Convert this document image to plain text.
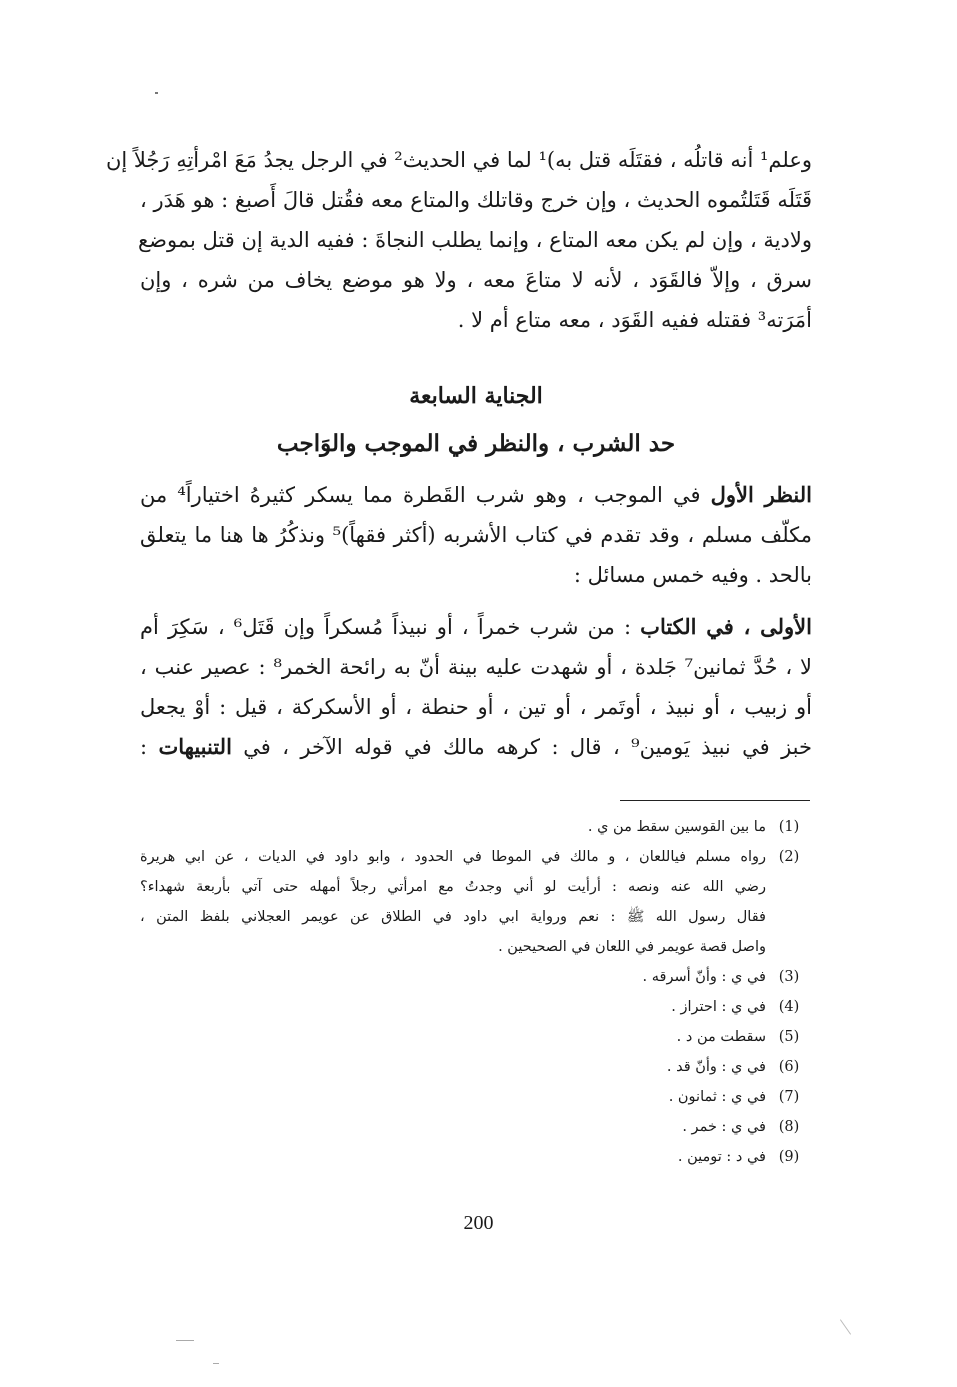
وعلم¹ أنه قاتلُه ، فقتَلَه قتل به)¹ لما في الحديث² في الرجل يجدُ مَعَ امْرأتِهِ رَجُلاً إن
قَتَلَه قَتَلتُموه الحديث ، وإن خرج وقاتلك والمتاع معه فقُتل قالَ أَصبغ : هو هَدَر ،
ولادية ، وإن لم يكن معه المتاع ، وإنما يطلب النجاةَ : ففيه الدية إن قتل بموضع
سرق ، وإلاّ فالقَوَد ، لأنه لا متاعَ معه ، ولا هو موضع يخاف من شره ، وإن
أمَرَته³ فقتله ففيه القَوَد ، معه متاع أم لا .
الجناية السابعة
حد الشرب ، والنظر في الموجب والوَاجب
النظر الأول في الموجب ، وهو شرب القَطرة مما يسكر كثيرهُ اختياراً⁴ من
مكلّف مسلم ، وقد تقدم في كتاب الأشربه (أكثر فقهاً)⁵ ونذكُرُ ها هنا ما يتعلق
بالحد . وفيه خمس مسائل :
الأولى ، في الكتاب : من شرب خمراً ، أو نبيذاً مُسكراً وإن قَتَل⁶ ، سَكِرَ أم
لا ، حُدَّ ثمانين⁷ جَلدة ، أو شهدت عليه بينة أنّ به رائحة الخمر⁸ : عصير عنب ،
أو زبيب ، أو نبيذ ، أوتَمر ، أو تين ، أو حنطة ، أو الأسكركة ، قيل : أوْ يجعل
خبز في نبيذ يَومين⁹ ، قال : كرهه مالك في قوله الآخر ، في التنبيهات :
(1)
ما بين القوسين سقط من ي .
(2)
رواه مسلم فياللعان ، و مالك في الموطا في الحدود ، وابو داود في الديات ، عن ابي هريرة
رضي الله عنه ونصه : أرأيت لو أني وجدتُ مع امرأتي رجلاً أمهله حتى آتي بأربعة شهداء؟
فقال رسول الله ﷺ : نعم ورواية ابي داود في الطلاق عن عويمر العجلاني بلفظ المتن ،
واصل قصة عويمر في اللعان في الصحيحين .
(3)
في ي : وأنّ أسرقه .
(4)
في ي : احتراز .
(5)
سقطت من د .
(6)
في ي : وأنّ قد .
(7)
في ي : ثمانون .
(8)
في ي : خمر .
(9)
في د : تومين .
200
